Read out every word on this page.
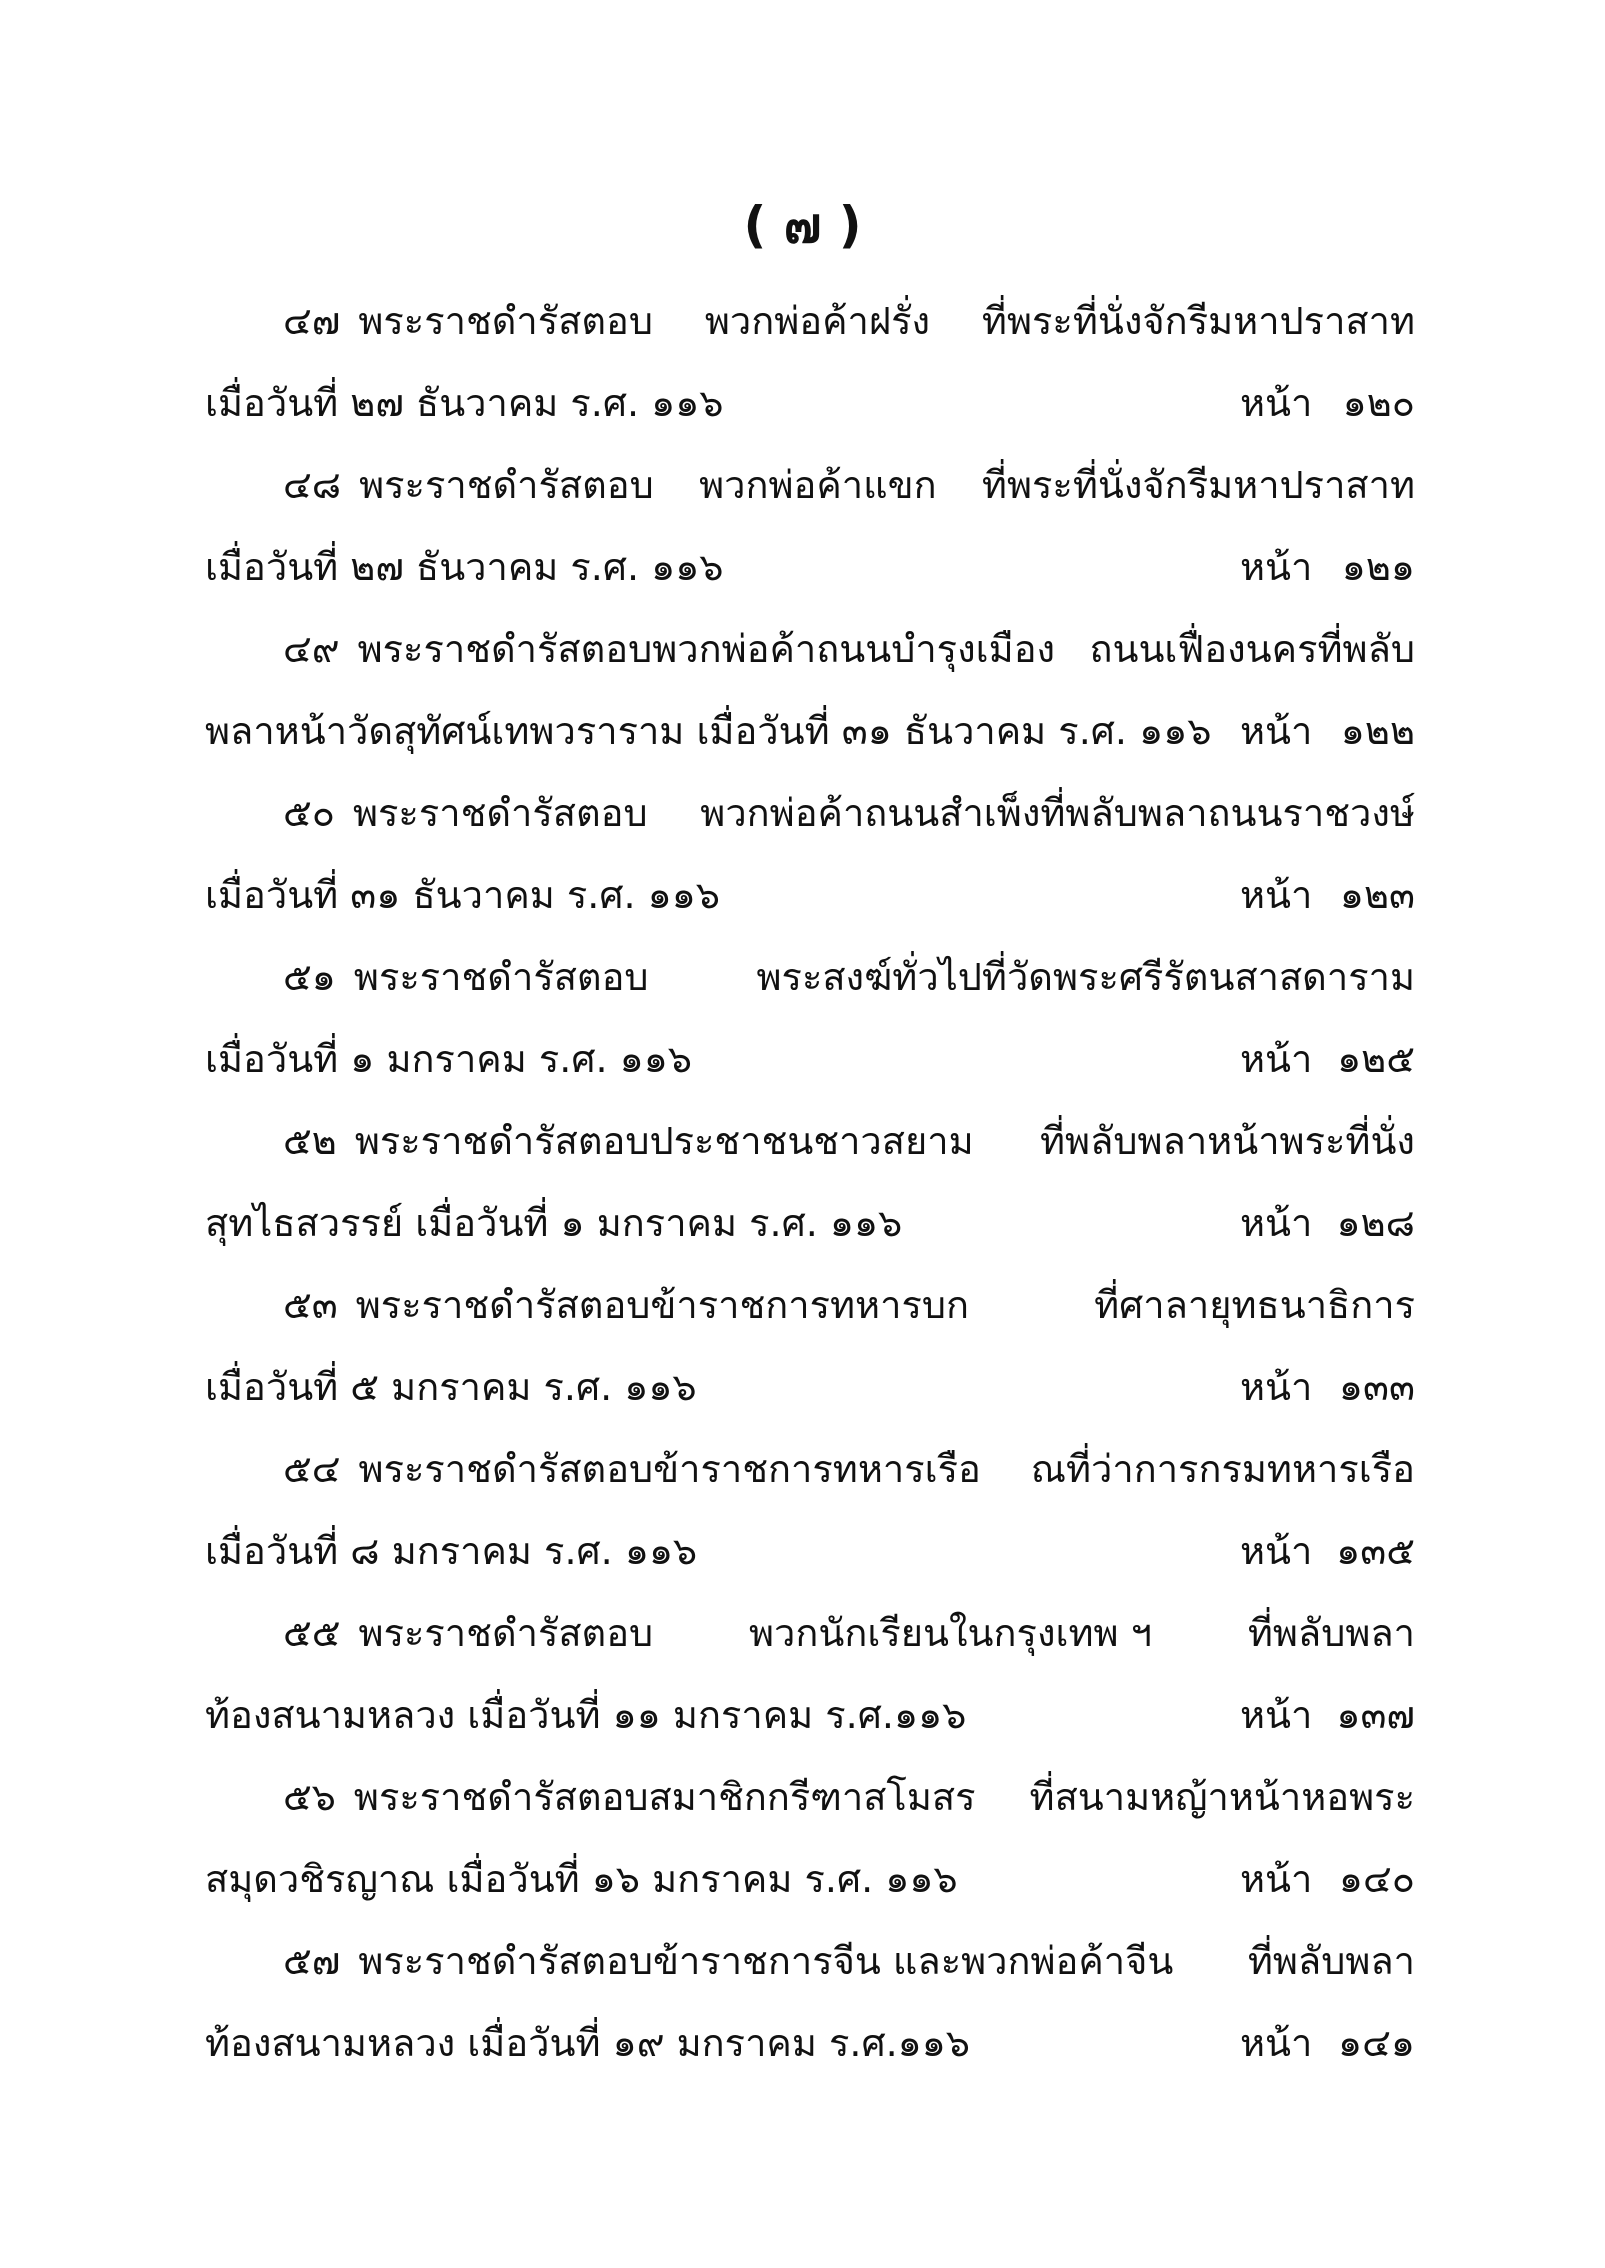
( ๗ )
๔๗ พระราชดำรัสตอบ พวกพ่อค้าฝรั่ง ที่พระที่นั่งจักรีมหาปราสาท
เมื่อวันที่ ๒๗ ธันวาคม ร.ศ. ๑๑๖	หน้า ๑๒๐
๔๘ พระราชดำรัสตอบ พวกพ่อค้าแขก ที่พระที่นั่งจักรีมหาปราสาท
เมื่อวันที่ ๒๗ ธันวาคม ร.ศ. ๑๑๖	หน้า ๑๒๑
๔๙ พระราชดำรัสตอบพวกพ่อค้าถนนบำรุงเมือง ถนนเฟื่องนครที่พลับ
พลาหน้าวัดสุทัศน์เทพวราราม เมื่อวันที่ ๓๑ ธันวาคม ร.ศ. ๑๑๖ หน้า ๑๒๒
๕๐ พระราชดำรัสตอบ พวกพ่อค้าถนนสำเพ็งที่พลับพลาถนนราชวงษ์
เมื่อวันที่ ๓๑ ธันวาคม ร.ศ. ๑๑๖	หน้า ๑๒๓
๕๑ พระราชดำรัสตอบ	พระสงฆ์ทั่วไปที่วัดพระศรีรัตนสาสดาราม
เมื่อวันที่ ๑ มกราคม ร.ศ. ๑๑๖	หน้า ๑๒๕
๕๒ พระราชดำรัสตอบประชาชนชาวสยาม ที่พลับพลาหน้าพระที่นั่ง
สุทไธสวรรย์ เมื่อวันที่ ๑ มกราคม ร.ศ. ๑๑๖	หน้า ๑๒๘
๕๓ พระราชดำรัสตอบข้าราชการทหารบก	ที่ศาลายุทธนาธิการ
เมื่อวันที่ ๕ มกราคม ร.ศ. ๑๑๖	หน้า ๑๓๓
๕๔ พระราชดำรัสตอบข้าราชการทหารเรือ ณที่ว่าการกรมทหารเรือ
เมื่อวันที่ ๘ มกราคม ร.ศ. ๑๑๖	หน้า ๑๓๕
๕๕ พระราชดำรัสตอบ	พวกนักเรียนในกรุงเทพ ฯ	ที่พลับพลา
ท้องสนามหลวง เมื่อวันที่ ๑๑ มกราคม ร.ศ.๑๑๖	หน้า ๑๓๗
๕๖ พระราชดำรัสตอบสมาชิกกรีฑาสโมสร ที่สนามหญ้าหน้าหอพระ
สมุดวชิรญาณ เมื่อวันที่ ๑๖ มกราคม ร.ศ. ๑๑๖	หน้า ๑๔๐
๕๗ พระราชดำรัสตอบข้าราชการจีน และพวกพ่อค้าจีน ที่พลับพลา
ท้องสนามหลวง เมื่อวันที่ ๑๙ มกราคม ร.ศ.๑๑๖	หน้า ๑๔๑
